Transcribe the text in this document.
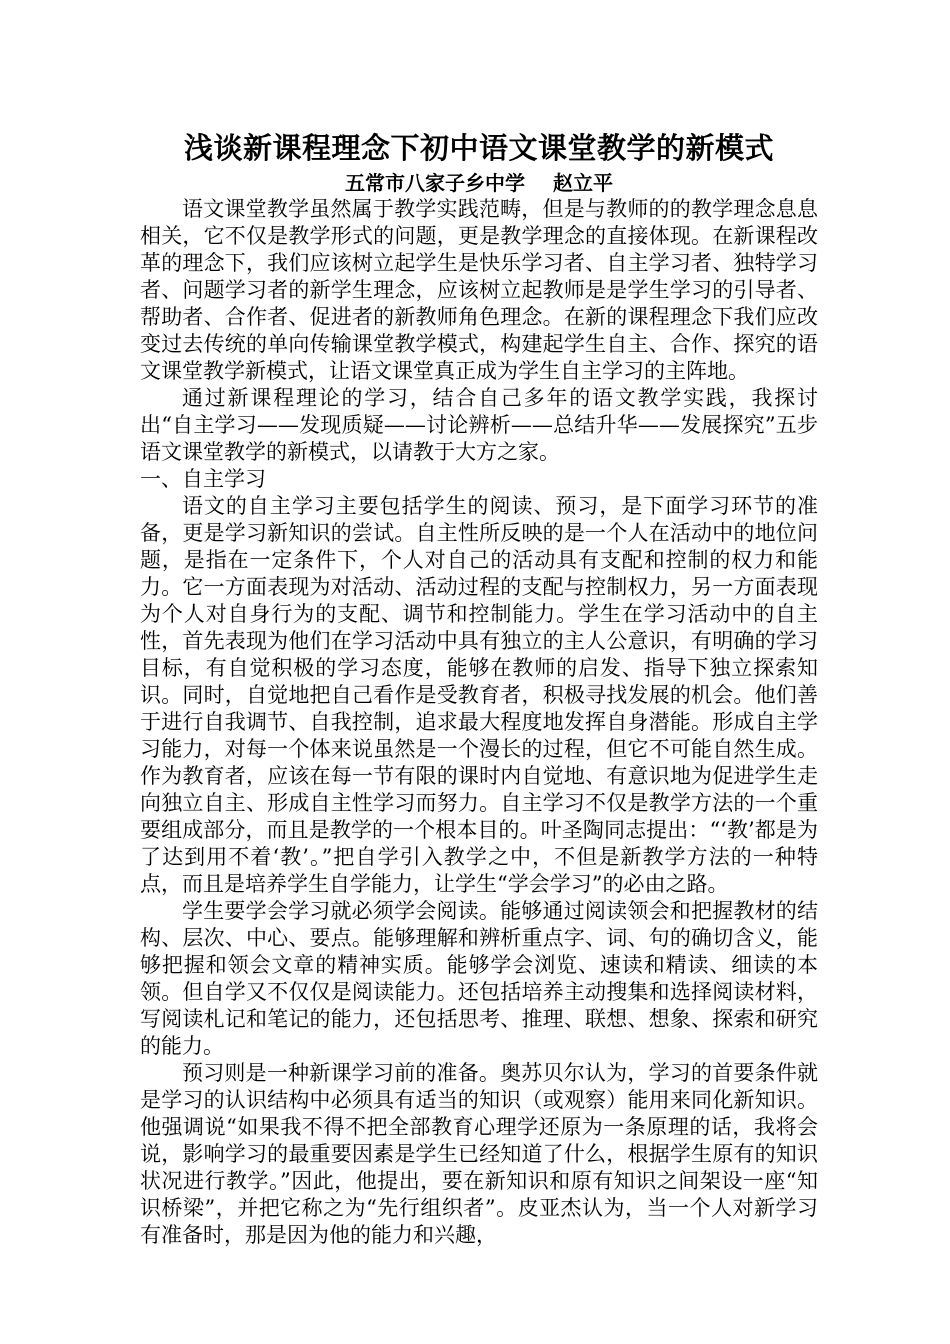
浅谈新课程理念下初中语文课堂教学的新模式

五常市八家子乡中学 赵立平

语文课堂教学虽然属于教学实践范畴，但是与教师的的教学理念息息相关，它不仅是教学形式的问题，更是教学理念的直接体现。在新课程改革的理念下，我们应该树立起学生是快乐学习者、自主学习者、独特学习者、问题学习者的新学生理念，应该树立起教师是是学生学习的引导者、帮助者、合作者、促进者的新教师角色理念。在新的课程理念下我们应改变过去传统的单向传输课堂教学模式，构建起学生自主、合作、探究的语文课堂教学新模式，让语文课堂真正成为学生自主学习的主阵地。

通过新课程理论的学习，结合自己多年的语文教学实践，我探讨出“自主学习——发现质疑——讨论辨析——总结升华——发展探究”五步语文课堂教学的新模式，以请教于大方之家。

一、自主学习

语文的自主学习主要包括学生的阅读、预习，是下面学习环节的准备，更是学习新知识的尝试。自主性所反映的是一个人在活动中的地位问题，是指在一定条件下，个人对自己的活动具有支配和控制的权力和能力。它一方面表现为对活动、活动过程的支配与控制权力，另一方面表现为个人对自身行为的支配、调节和控制能力。学生在学习活动中的自主性，首先表现为他们在学习活动中具有独立的主人公意识，有明确的学习目标，有自觉积极的学习态度，能够在教师的启发、指导下独立探索知识。同时，自觉地把自己看作是受教育者，积极寻找发展的机会。他们善于进行自我调节、自我控制，追求最大程度地发挥自身潜能。形成自主学习能力，对每一个体来说虽然是一个漫长的过程，但它不可能自然生成。作为教育者，应该在每一节有限的课时内自觉地、有意识地为促进学生走向独立自主、形成自主性学习而努力。自主学习不仅是教学方法的一个重要组成部分，而且是教学的一个根本目的。叶圣陶同志提出：“‘教’都是为了达到用不着‘教’。”把自学引入教学之中，不但是新教学方法的一种特点，而且是培养学生自学能力，让学生“学会学习”的必由之路。

学生要学会学习就必须学会阅读。能够通过阅读领会和把握教材的结构、层次、中心、要点。能够理解和辨析重点字、词、句的确切含义，能够把握和领会文章的精神实质。能够学会浏览、速读和精读、细读的本领。但自学又不仅仅是阅读能力。还包括培养主动搜集和选择阅读材料，写阅读札记和笔记的能力，还包括思考、推理、联想、想象、探索和研究的能力。

预习则是一种新课学习前的准备。奥苏贝尔认为，学习的首要条件就是学习的认识结构中必须具有适当的知识（或观察）能用来同化新知识。他强调说“如果我不得不把全部教育心理学还原为一条原理的话，我将会说，影响学习的最重要因素是学生已经知道了什么，根据学生原有的知识状况进行教学。”因此，他提出，要在新知识和原有知识之间架设一座“知识桥梁”，并把它称之为“先行组织者”。皮亚杰认为，当一个人对新学习有准备时，那是因为他的能力和兴趣，
